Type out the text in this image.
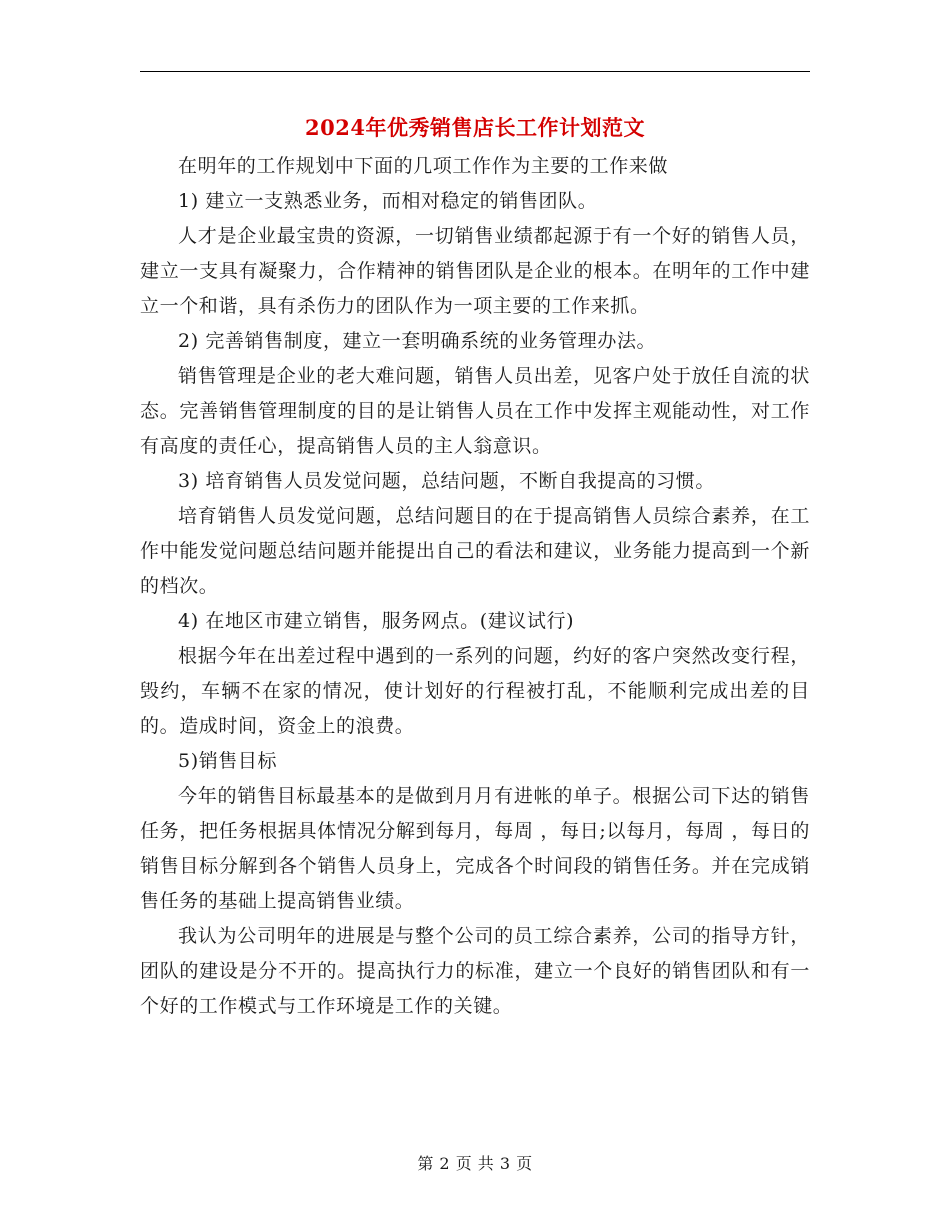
2024年优秀销售店长工作计划范文

在明年的工作规划中下面的几项工作作为主要的工作来做

1) 建立一支熟悉业务，而相对稳定的销售团队。

人才是企业最宝贵的资源，一切销售业绩都起源于有一个好的销售人员，建立一支具有凝聚力，合作精神的销售团队是企业的根本。在明年的工作中建立一个和谐，具有杀伤力的团队作为一项主要的工作来抓。

2) 完善销售制度，建立一套明确系统的业务管理办法。

销售管理是企业的老大难问题，销售人员出差，见客户处于放任自流的状态。完善销售管理制度的目的是让销售人员在工作中发挥主观能动性，对工作有高度的责任心，提高销售人员的主人翁意识。

3) 培育销售人员发觉问题，总结问题，不断自我提高的习惯。

培育销售人员发觉问题，总结问题目的在于提高销售人员综合素养，在工作中能发觉问题总结问题并能提出自己的看法和建议，业务能力提高到一个新的档次。

4) 在地区市建立销售，服务网点。(建议试行)

根据今年在出差过程中遇到的一系列的问题，约好的客户突然改变行程，毁约，车辆不在家的情况，使计划好的行程被打乱，不能顺利完成出差的目的。造成时间，资金上的浪费。

5)销售目标

今年的销售目标最基本的是做到月月有进帐的单子。根据公司下达的销售任务，把任务根据具体情况分解到每月，每周 ，每日;以每月，每周 ，每日的销售目标分解到各个销售人员身上，完成各个时间段的销售任务。并在完成销售任务的基础上提高销售业绩。

我认为公司明年的进展是与整个公司的员工综合素养，公司的指导方针，团队的建设是分不开的。提高执行力的标准，建立一个良好的销售团队和有一个好的工作模式与工作环境是工作的关键。

第 2 页 共 3 页
